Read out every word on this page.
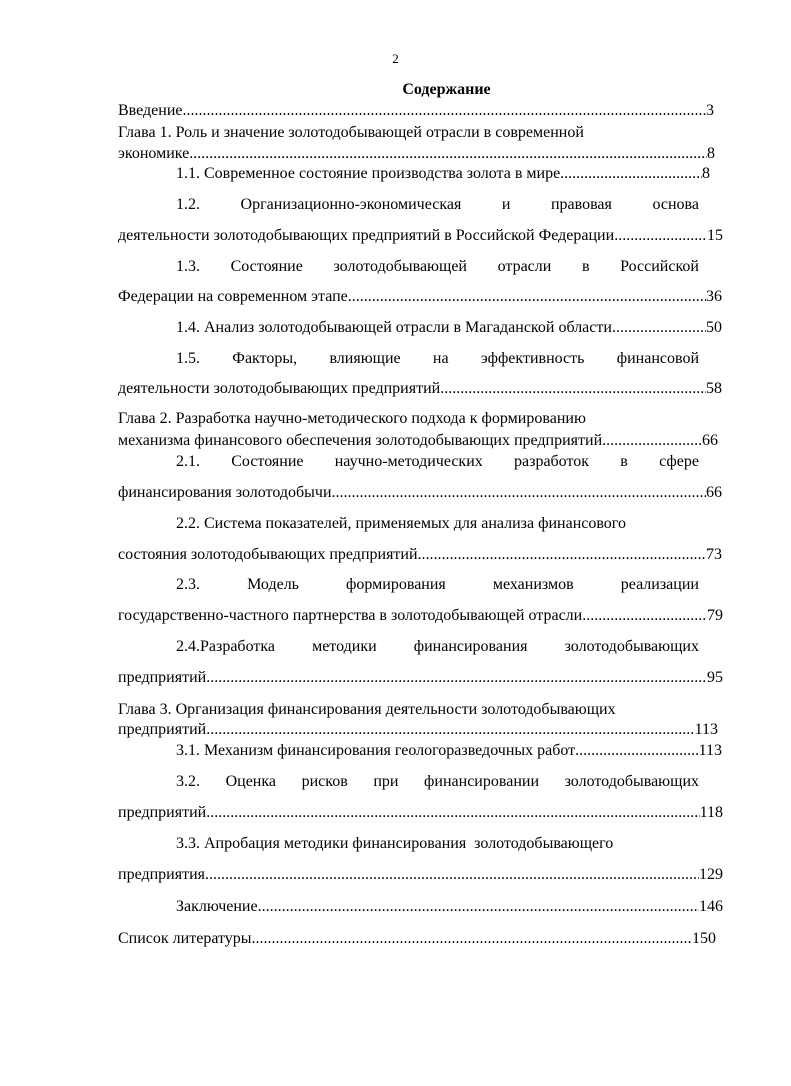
2
Содержание
Введение .....	3
Глава 1. Роль и значение золотодобывающей отрасли в современной
экономике .....	8
1.1. Современное состояние производства золота в мире .....	8
1.2.	Организационно-экономическая	и	правовая	основа
деятельности золотодобывающих предприятий в Российской Федерации .....	15
1.3. Состояние золотодобывающей отрасли в Российской
Федерации на современном этапе .....	36
1.4. Анализ золотодобывающей отрасли в Магаданской области .....	50
1.5. Факторы, влияющие на эффективность финансовой
деятельности золотодобывающих предприятий .....	58
Глава 2. Разработка научно-методического подхода к формированию
механизма финансового обеспечения золотодобывающих предприятий .....	66
2.1. Состояние научно-методических разработок в сфере
финансирования золотодобычи .....	66
2.2. Система показателей, применяемых для анализа финансового
состояния золотодобывающих предприятий .....	73
2.3.	Модель	формирования	механизмов	реализации
государственно-частного партнерства в золотодобывающей отрасли .....	79
2.4.Разработка методики финансирования золотодобывающих
предприятий .....	95
Глава 3. Организация финансирования деятельности золотодобывающих
предприятий .....	113
3.1. Механизм финансирования геологоразведочных работ .....	113
3.2. Оценка рисков при финансировании золотодобывающих
предприятий .....	118
3.3. Апробация методики финансирования  золотодобывающего
предприятия .....	129
Заключение .....	146
Список литературы .....	150
